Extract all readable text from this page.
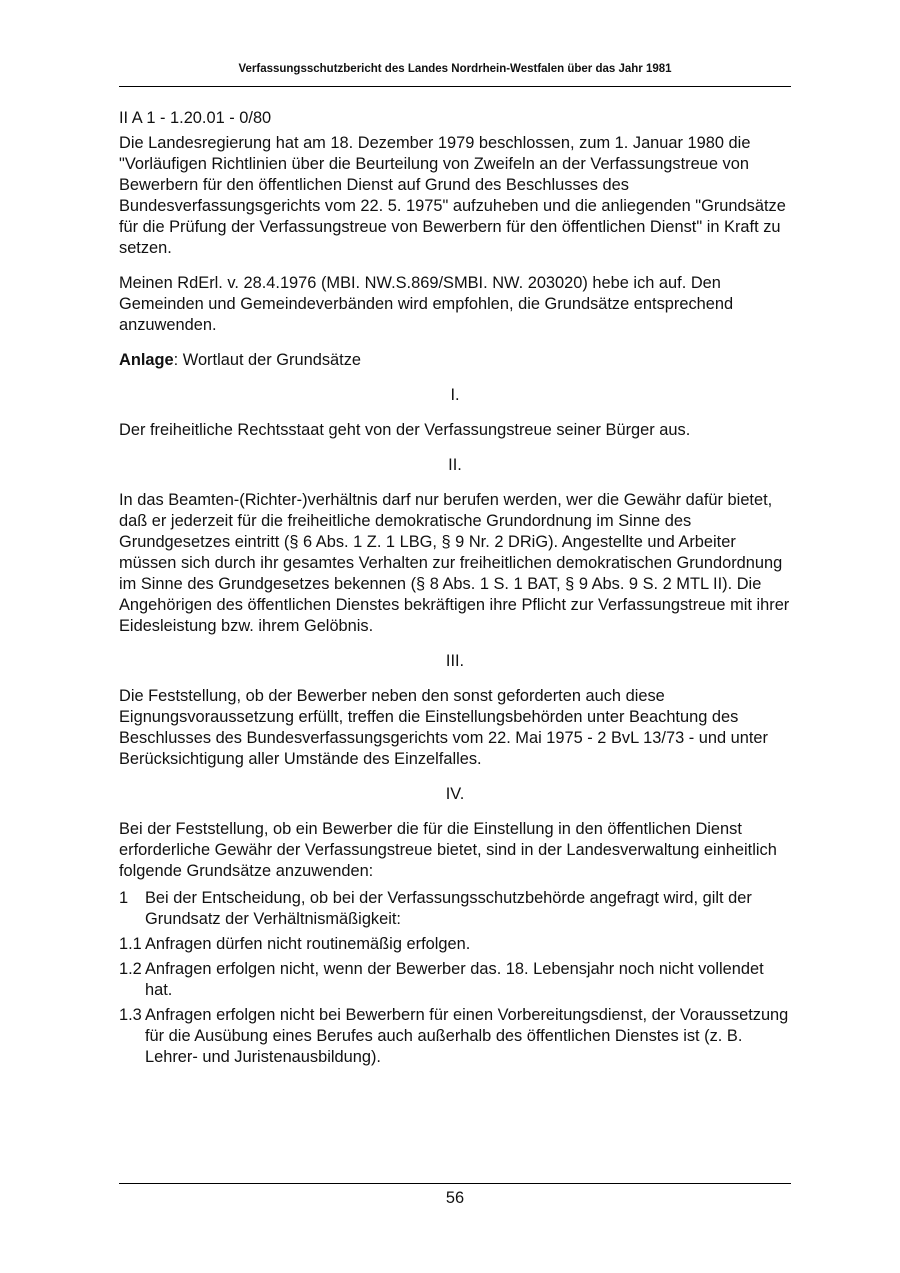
Verfassungsschutzbericht des Landes Nordrhein-Westfalen über das Jahr 1981

II A 1 - 1.20.01 - 0/80

Die Landesregierung hat am 18. Dezember 1979 beschlossen, zum 1. Januar 1980 die "Vorläufigen Richtlinien über die Beurteilung von Zweifeln an der Verfassungstreue von Bewerbern für den öffentlichen Dienst auf Grund des Beschlusses des Bundesverfassungsgerichts vom 22. 5. 1975" aufzuheben und die anliegenden "Grundsätze für die Prüfung der Verfassungstreue von Bewerbern für den öffentlichen Dienst" in Kraft zu setzen.

Meinen RdErl. v. 28.4.1976 (MBI. NW.S.869/SMBI. NW. 203020) hebe ich auf. Den Gemeinden und Gemeindeverbänden wird empfohlen, die Grundsätze entsprechend anzuwenden.

Anlage: Wortlaut der Grundsätze

I.

Der freiheitliche Rechtsstaat geht von der Verfassungstreue seiner Bürger aus.

II.

In das Beamten-(Richter-)verhältnis darf nur berufen werden, wer die Gewähr dafür bietet, daß er jederzeit für die freiheitliche demokratische Grundordnung im Sinne des Grundgesetzes eintritt (§ 6 Abs. 1 Z. 1 LBG, § 9 Nr. 2 DRiG). Angestellte und Arbeiter müssen sich durch ihr gesamtes Verhalten zur freiheitlichen demokratischen Grundordnung im Sinne des Grundgesetzes bekennen (§ 8 Abs. 1 S. 1 BAT, § 9 Abs. 9 S. 2 MTL II). Die Angehörigen des öffentlichen Dienstes bekräftigen ihre Pflicht zur Verfassungstreue mit ihrer Eidesleistung bzw. ihrem Gelöbnis.

III.

Die Feststellung, ob der Bewerber neben den sonst geforderten auch diese Eignungsvoraussetzung erfüllt, treffen die Einstellungsbehörden unter Beachtung des Beschlusses des Bundesverfassungsgerichts vom 22. Mai 1975 - 2 BvL 13/73 - und unter Berücksichtigung aller Umstände des Einzelfalles.

IV.

Bei der Feststellung, ob ein Bewerber die für die Einstellung in den öffentlichen Dienst erforderliche Gewähr der Verfassungstreue bietet, sind in der Landesverwaltung einheitlich folgende Grundsätze anzuwenden:

1	Bei der Entscheidung, ob bei der Verfassungsschutzbehörde angefragt wird, gilt der Grundsatz der Verhältnismäßigkeit:
1.1 Anfragen dürfen nicht routinemäßig erfolgen.
1.2 Anfragen erfolgen nicht, wenn der Bewerber das. 18. Lebensjahr noch nicht vollendet hat.
1.3 Anfragen erfolgen nicht bei Bewerbern für einen Vorbereitungsdienst, der Voraussetzung für die Ausübung eines Berufes auch außerhalb des öffentlichen Dienstes ist (z. B. Lehrer- und Juristenausbildung).
56
